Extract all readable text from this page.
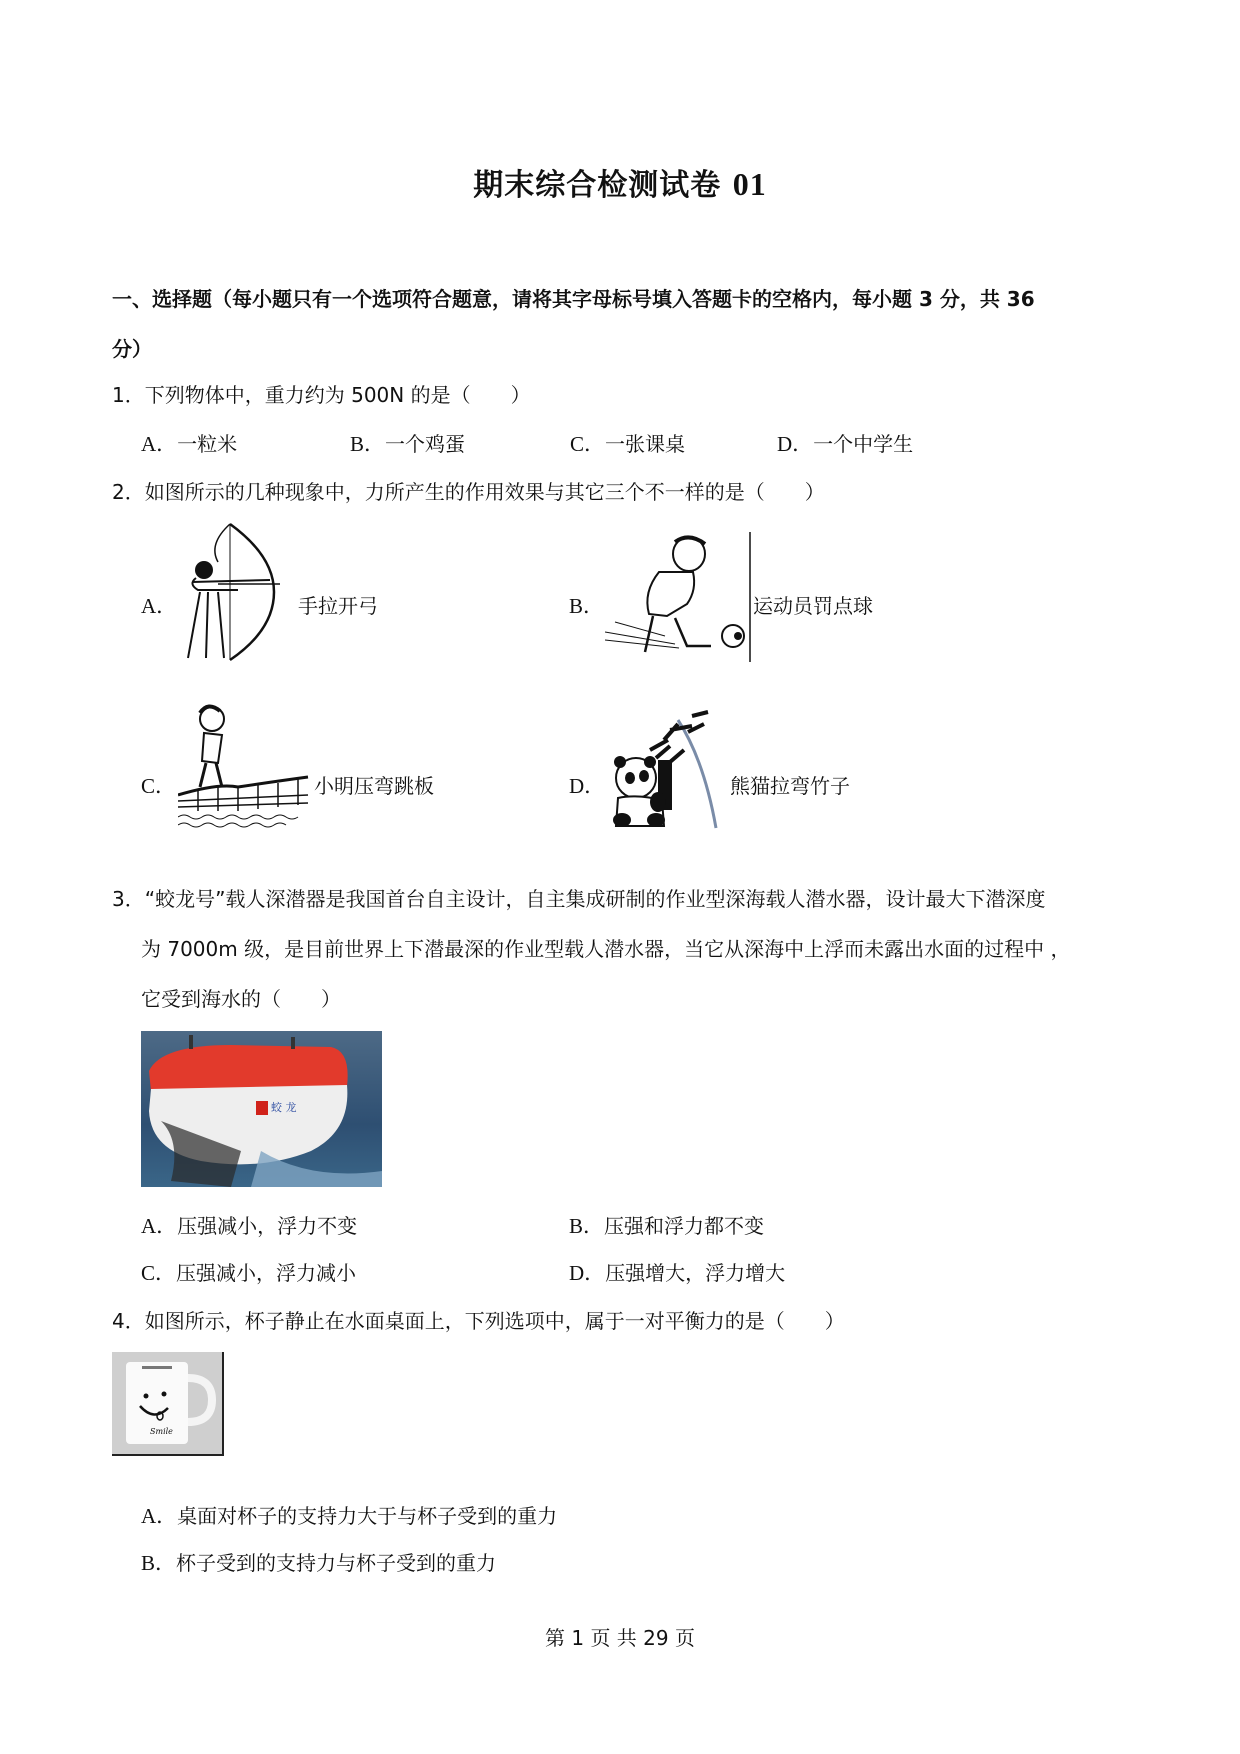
期末综合检测试卷 01
一、选择题（每小题只有一个选项符合题意，请将其字母标号填入答题卡的空格内，每小题 3 分，共 36
分）
1．下列物体中，重力约为 500N 的是（　　）
A．一粒米	B．一个鸡蛋	C．一张课桌	D．一个中学生
2．如图所示的几种现象中，力所产生的作用效果与其它三个不一样的是（　　）
A．	手拉开弓	B．	运动员罚点球
C．	小明压弯跳板	D．	熊猫拉弯竹子
3．“蛟龙号”载人深潜器是我国首台自主设计，自主集成研制的作业型深海载人潜水器，设计最大下潜深度
为 7000m 级，是目前世界上下潜最深的作业型载人潜水器，当它从深海中上浮而未露出水面的过程中 ，
它受到海水的（　　）
蛟 龙
A．压强减小，浮力不变	B．压强和浮力都不变
C．压强减小，浮力减小	D．压强增大，浮力增大
4．如图所示，杯子静止在水面桌面上，下列选项中，属于一对平衡力的是（　　）
Smile
A．桌面对杯子的支持力大于与杯子受到的重力
B．杯子受到的支持力与杯子受到的重力
第 1 页 共 29 页
